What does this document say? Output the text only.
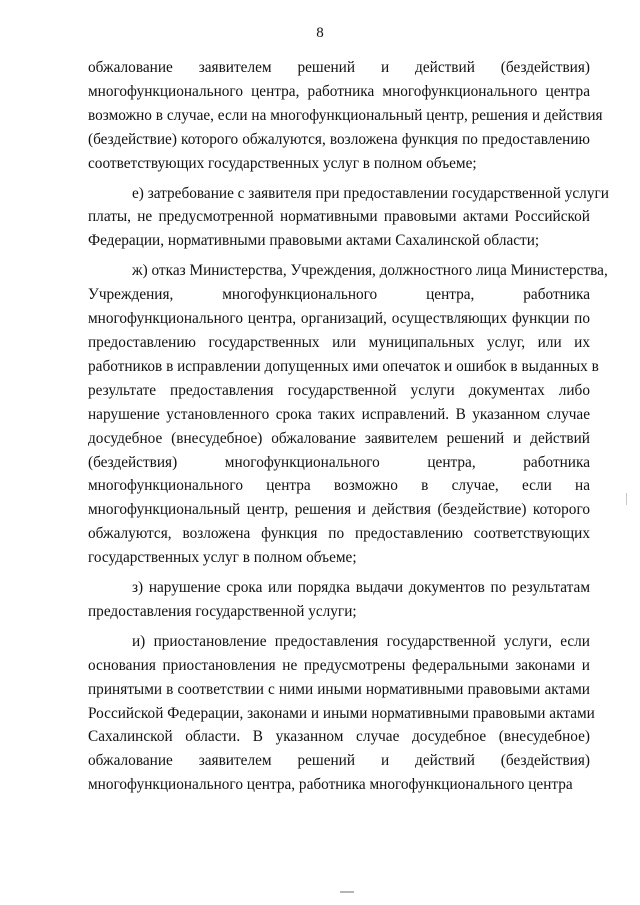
8
обжалование заявителем решений и действий (бездействия)
многофункционального центра, работника многофункционального центра
возможно в случае, если на многофункциональный центр, решения и действия
(бездействие) которого обжалуются, возложена функция по предоставлению
соответствующих государственных услуг в полном объеме;
е) затребование с заявителя при предоставлении государственной услуги
платы, не предусмотренной нормативными правовыми актами Российской
Федерации, нормативными правовыми актами Сахалинской области;
ж) отказ Министерства, Учреждения, должностного лица Министерства,
Учреждения, многофункционального центра, работника
многофункционального центра, организаций, осуществляющих функции по
предоставлению государственных или муниципальных услуг, или их
работников в исправлении допущенных ими опечаток и ошибок в выданных в
результате предоставления государственной услуги документах либо
нарушение установленного срока таких исправлений. В указанном случае
досудебное (внесудебное) обжалование заявителем решений и действий
(бездействия) многофункционального центра, работника
многофункционального центра возможно в случае, если на
многофункциональный центр, решения и действия (бездействие) которого
обжалуются, возложена функция по предоставлению соответствующих
государственных услуг в полном объеме;
з) нарушение срока или порядка выдачи документов по результатам
предоставления государственной услуги;
и) приостановление предоставления государственной услуги, если
основания приостановления не предусмотрены федеральными законами и
принятыми в соответствии с ними иными нормативными правовыми актами
Российской Федерации, законами и иными нормативными правовыми актами
Сахалинской области. В указанном случае досудебное (внесудебное)
обжалование заявителем решений и действий (бездействия)
многофункционального центра, работника многофункционального центра
